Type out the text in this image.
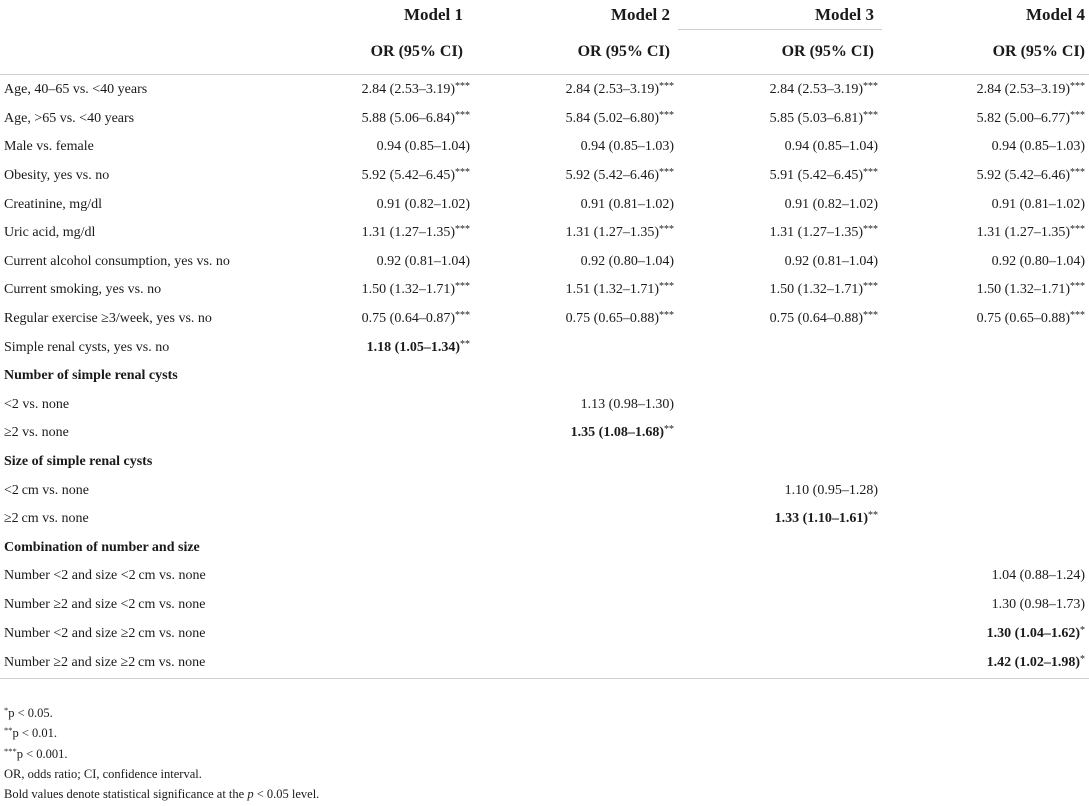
	Model 1	Model 2	Model 3	Model 4
	OR (95% CI)	OR (95% CI)	OR (95% CI)	OR (95% CI)
Age, 40–65 vs. <40 years	2.84 (2.53–3.19)***	2.84 (2.53–3.19)***	2.84 (2.53–3.19)***	2.84 (2.53–3.19)***
Age, >65 vs. <40 years	5.88 (5.06–6.84)***	5.84 (5.02–6.80)***	5.85 (5.03–6.81)***	5.82 (5.00–6.77)***
Male vs. female	0.94 (0.85–1.04)	0.94 (0.85–1.03)	0.94 (0.85–1.04)	0.94 (0.85–1.03)
Obesity, yes vs. no	5.92 (5.42–6.45)***	5.92 (5.42–6.46)***	5.91 (5.42–6.45)***	5.92 (5.42–6.46)***
Creatinine, mg/dl	0.91 (0.82–1.02)	0.91 (0.81–1.02)	0.91 (0.82–1.02)	0.91 (0.81–1.02)
Uric acid, mg/dl	1.31 (1.27–1.35)***	1.31 (1.27–1.35)***	1.31 (1.27–1.35)***	1.31 (1.27–1.35)***
Current alcohol consumption, yes vs. no	0.92 (0.81–1.04)	0.92 (0.80–1.04)	0.92 (0.81–1.04)	0.92 (0.80–1.04)
Current smoking, yes vs. no	1.50 (1.32–1.71)***	1.51 (1.32–1.71)***	1.50 (1.32–1.71)***	1.50 (1.32–1.71)***
Regular exercise ≥3/week, yes vs. no	0.75 (0.64–0.87)***	0.75 (0.65–0.88)***	0.75 (0.64–0.88)***	0.75 (0.65–0.88)***
Simple renal cysts, yes vs. no	1.18 (1.05–1.34)**			
Number of simple renal cysts				
<2 vs. none		1.13 (0.98–1.30)		
≥2 vs. none		1.35 (1.08–1.68)**		
Size of simple renal cysts				
<2 cm vs. none			1.10 (0.95–1.28)	
≥2 cm vs. none			1.33 (1.10–1.61)**	
Combination of number and size				
Number <2 and size <2 cm vs. none				1.04 (0.88–1.24)
Number ≥2 and size <2 cm vs. none				1.30 (0.98–1.73)
Number <2 and size ≥2 cm vs. none				1.30 (1.04–1.62)*
Number ≥2 and size ≥2 cm vs. none				1.42 (1.02–1.98)*
*p < 0.05.
**p < 0.01.
***p < 0.001.
OR, odds ratio; CI, confidence interval.
Bold values denote statistical significance at the p < 0.05 level.
